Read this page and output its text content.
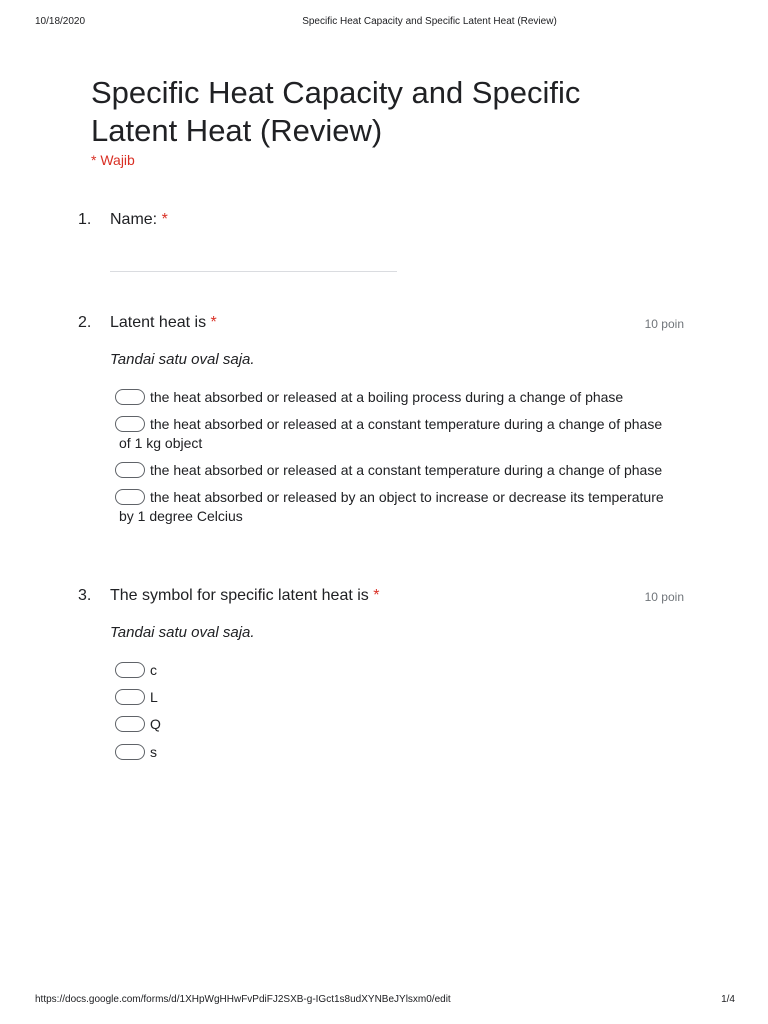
10/18/2020	Specific Heat Capacity and Specific Latent Heat (Review)
Specific Heat Capacity and Specific Latent Heat (Review)
* Wajib
1. Name: *
2. Latent heat is *	10 poin
Tandai satu oval saja.
the heat absorbed or released at a boiling process during a change of phase
the heat absorbed or released at a constant temperature during a change of phase of 1 kg object
the heat absorbed or released at a constant temperature during a change of phase
the heat absorbed or released by an object to increase or decrease its temperature by 1 degree Celcius
3. The symbol for specific latent heat is *	10 poin
Tandai satu oval saja.
c
L
Q
s
https://docs.google.com/forms/d/1XHpWgHHwFvPdiFJ2SXB-g-IGct1s8udXYNBeJYlsxm0/edit	1/4
